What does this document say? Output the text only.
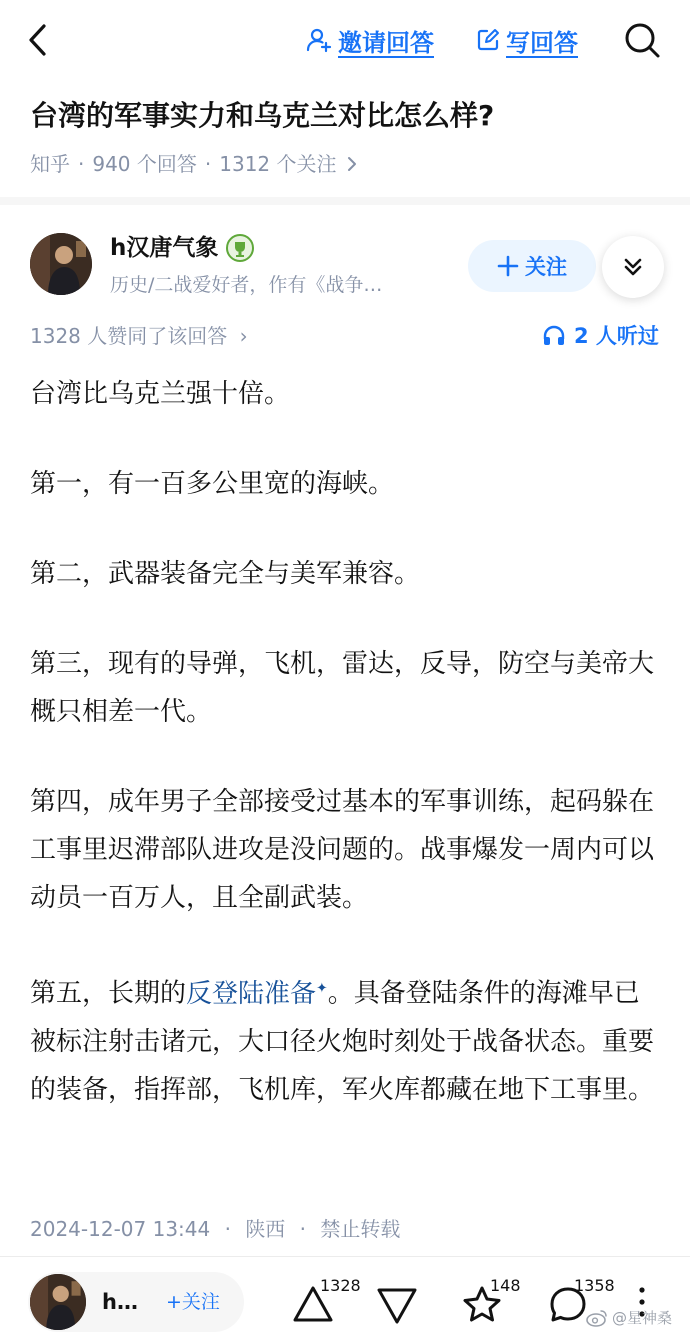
邀请回答	写回答
台湾的军事实力和乌克兰对比怎么样?
知乎 · 940 个回答 · 1312 个关注
h汉唐气象
历史/二战爱好者，作有《战争…
关注
1328 人赞同了该回答 ›	2 人听过

台湾比乌克兰强十倍。

第一，有一百多公里宽的海峡。

第二，武器装备完全与美军兼容。

第三，现有的导弹，飞机，雷达，反导，防空与美帝大概只相差一代。

第四，成年男子全部接受过基本的军事训练，起码躲在工事里迟滞部队进攻是没问题的。战事爆发一周内可以动员一百万人，且全副武装。

第五，长期的反登陆准备✦。具备登陆条件的海滩早已被标注射击诸元，大口径火炮时刻处于战备状态。重要的装备，指挥部，飞机库，军火库都藏在地下工事里。

2024-12-07 13:44 · 陕西 · 禁止转载
h… +关注
1328	148	1358
@星神桑
